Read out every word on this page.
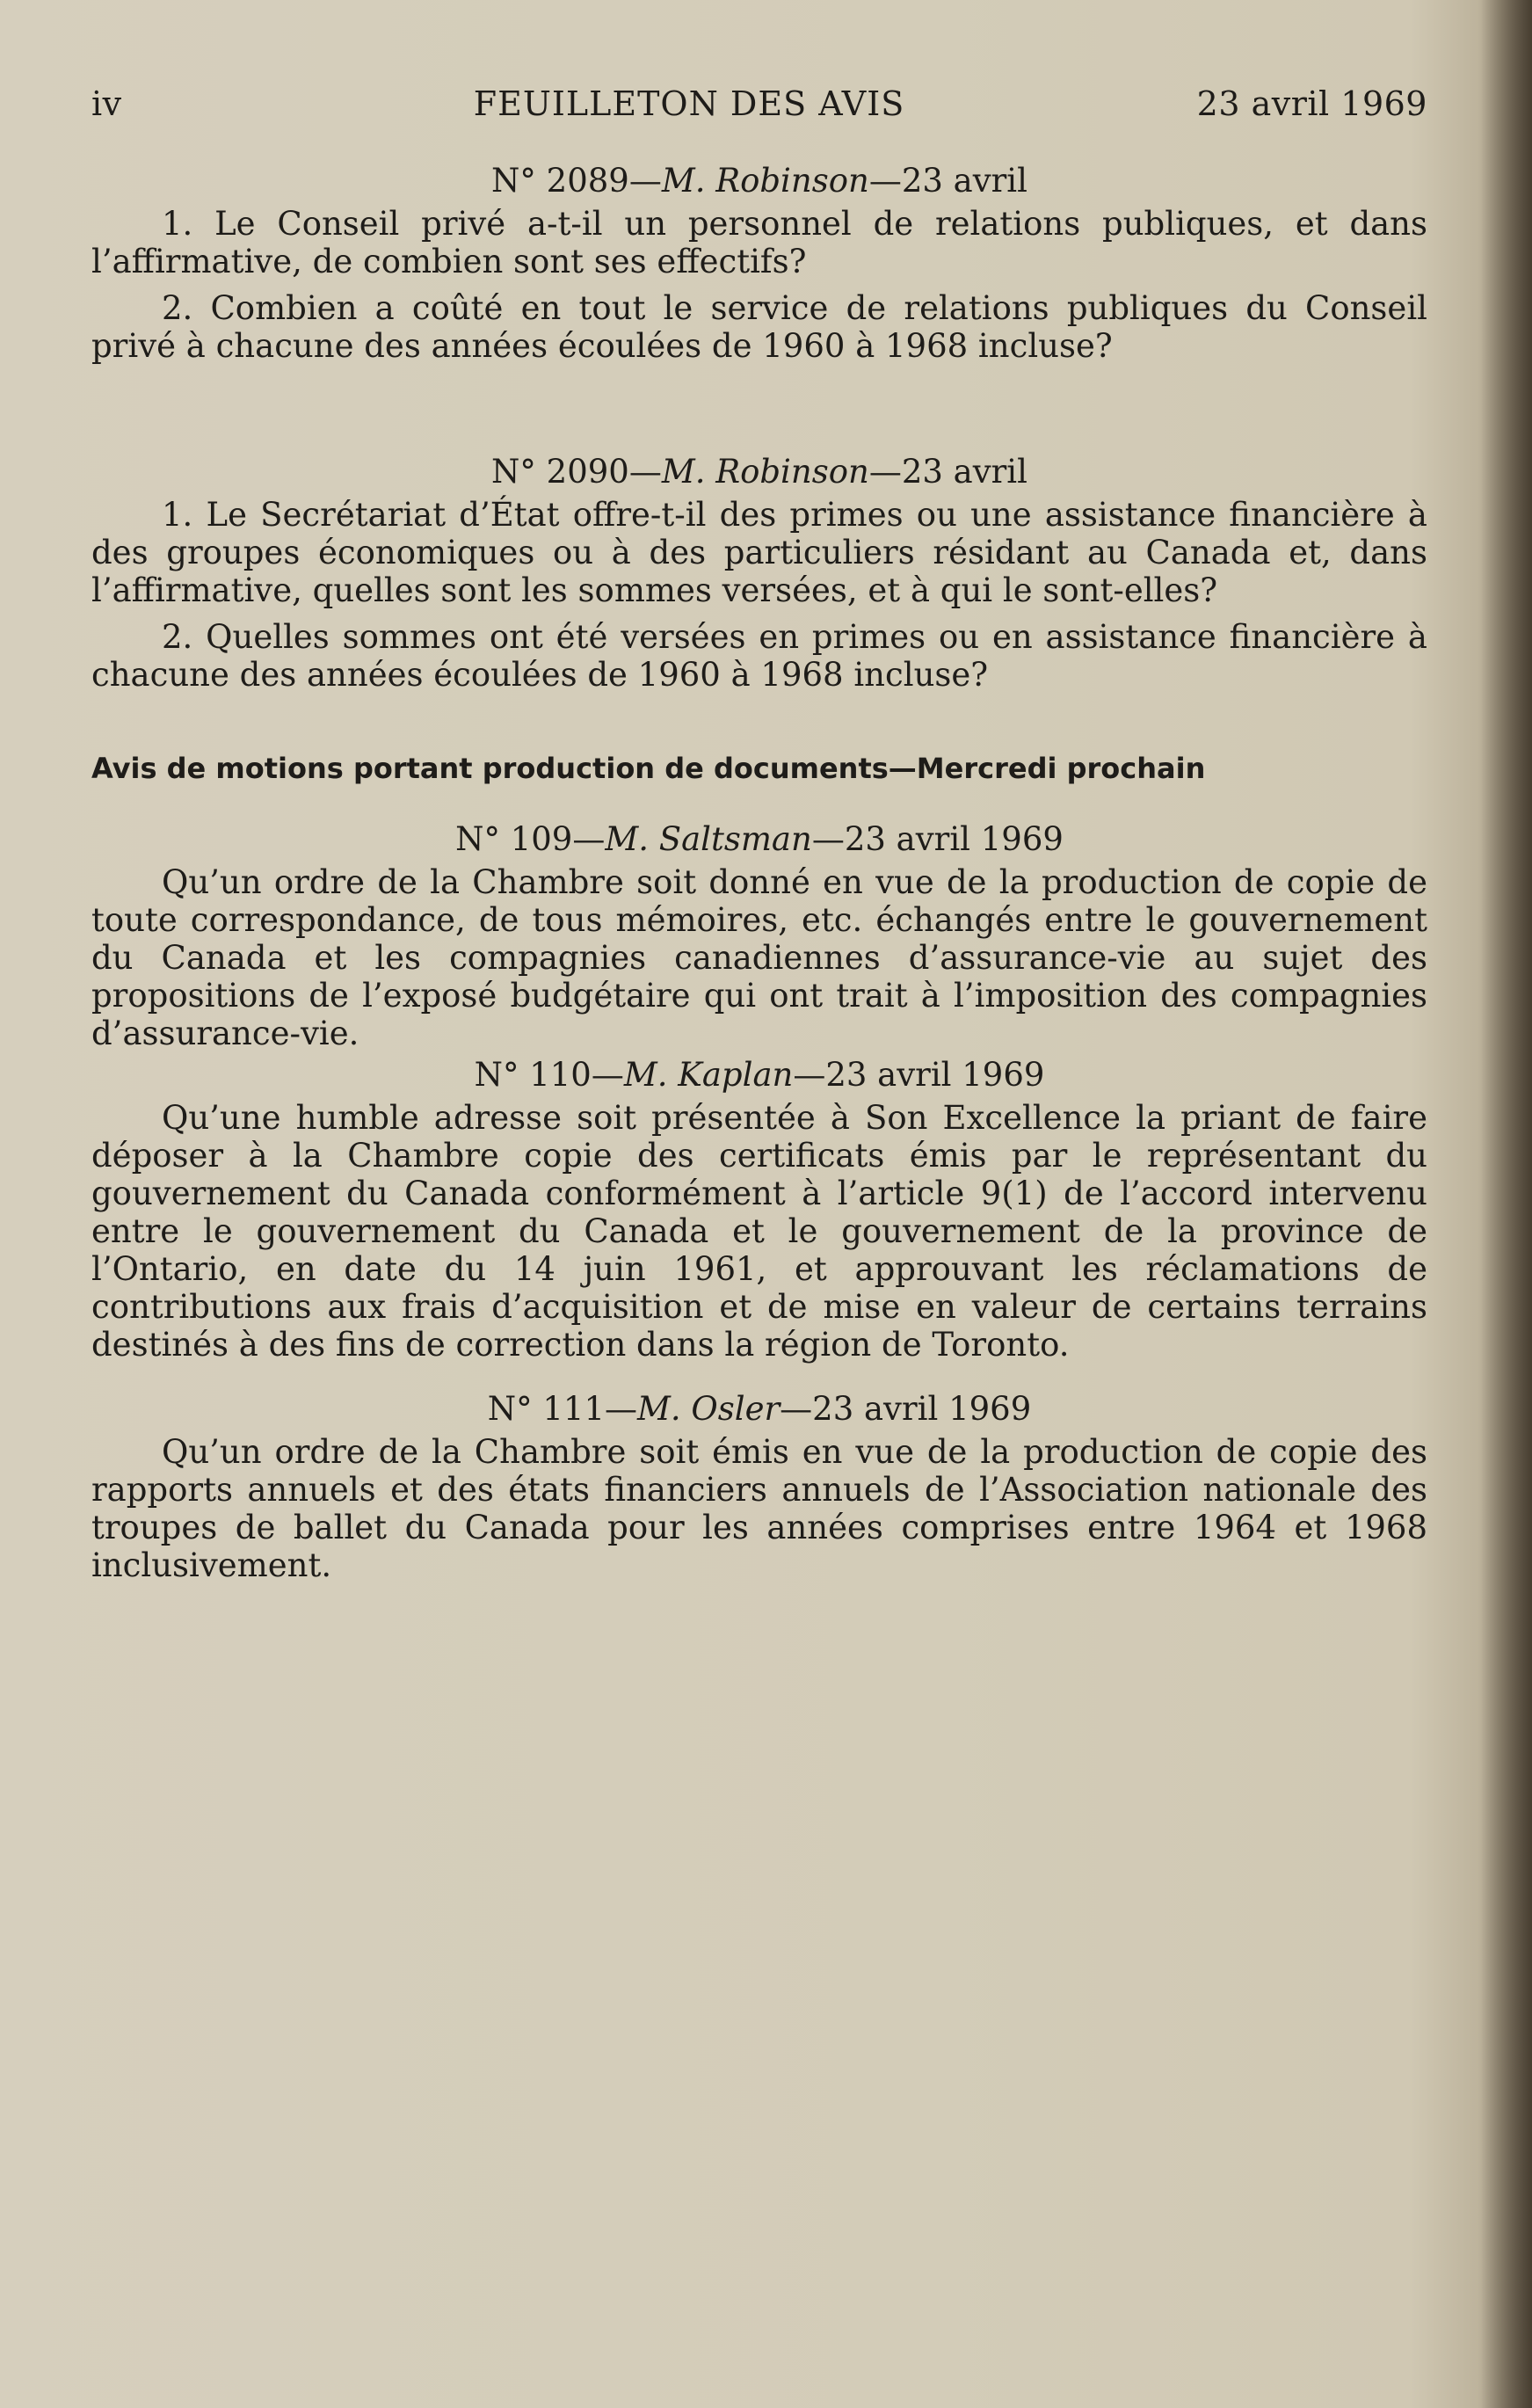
iv	FEUILLETON DES AVIS	23 avril 1969

N° 2089—M. Robinson—23 avril

1. Le Conseil privé a-t-il un personnel de relations publiques, et dans l’affirmative, de combien sont ses effectifs?

2. Combien a coûté en tout le service de relations publiques du Conseil privé à chacune des années écoulées de 1960 à 1968 incluse?

N° 2090—M. Robinson—23 avril

1. Le Secrétariat d’État offre-t-il des primes ou une assistance financière à des groupes économiques ou à des particuliers résidant au Canada et, dans l’affirmative, quelles sont les sommes versées, et à qui le sont-elles?

2. Quelles sommes ont été versées en primes ou en assistance financière à chacune des années écoulées de 1960 à 1968 incluse?

Avis de motions portant production de documents—Mercredi prochain

N° 109—M. Saltsman—23 avril 1969

Qu’un ordre de la Chambre soit donné en vue de la production de copie de toute correspondance, de tous mémoires, etc. échangés entre le gouvernement du Canada et les compagnies canadiennes d’assurance-vie au sujet des propositions de l’exposé budgétaire qui ont trait à l’imposition des compagnies d’assurance-vie.

N° 110—M. Kaplan—23 avril 1969

Qu’une humble adresse soit présentée à Son Excellence la priant de faire déposer à la Chambre copie des certificats émis par le représentant du gouvernement du Canada conformément à l’article 9(1) de l’accord intervenu entre le gouvernement du Canada et le gouvernement de la province de l’Ontario, en date du 14 juin 1961, et approuvant les réclamations de contributions aux frais d’acquisition et de mise en valeur de certains terrains destinés à des fins de correction dans la région de Toronto.

N° 111—M. Osler—23 avril 1969

Qu’un ordre de la Chambre soit émis en vue de la production de copie des rapports annuels et des états financiers annuels de l’Association nationale des troupes de ballet du Canada pour les années comprises entre 1964 et 1968 inclusivement.
